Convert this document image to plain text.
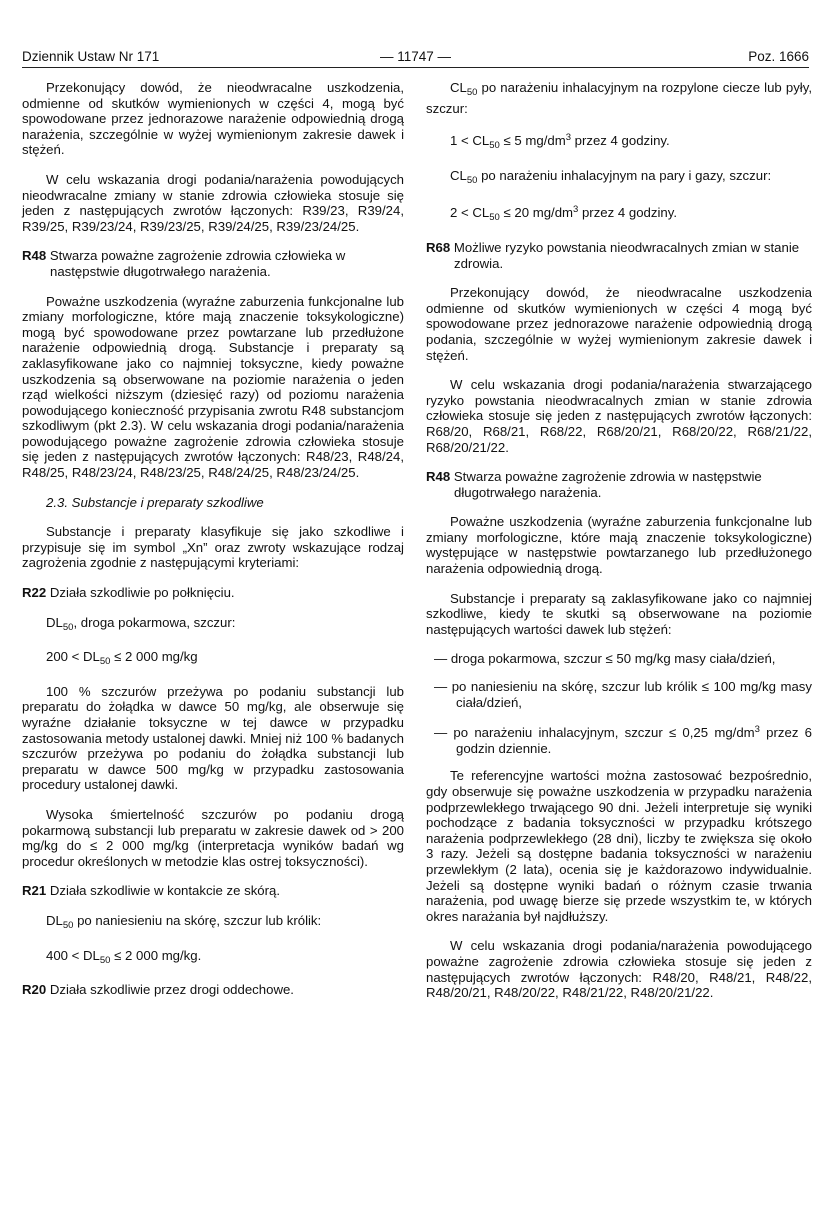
Dziennik Ustaw Nr 171	— 11747 —	Poz. 1666

Przekonujący dowód, że nieodwracalne uszkodzenia, odmienne od skutków wymienionych w części 4, mogą być spowodowane przez jednorazowe narażenie odpowiednią drogą narażenia, szczególnie w wyżej wymienionym zakresie dawek i stężeń.

W celu wskazania drogi podania/narażenia powodujących nieodwracalne zmiany w stanie zdrowia człowieka stosuje się jeden z następujących zwrotów łączonych: R39/23, R39/24, R39/25, R39/23/24, R39/23/25, R39/24/25, R39/23/24/25.

R48 Stwarza poważne zagrożenie zdrowia człowieka w następstwie długotrwałego narażenia.

Poważne uszkodzenia (wyraźne zaburzenia funkcjonalne lub zmiany morfologiczne, które mają znaczenie toksykologiczne) mogą być spowodowane przez powtarzane lub przedłużone narażenie odpowiednią drogą. Substancje i preparaty są zaklasyfikowane jako co najmniej toksyczne, kiedy poważne uszkodzenia są obserwowane na poziomie narażenia o jeden rząd wielkości niższym (dziesięć razy) od poziomu narażenia powodującego konieczność przypisania zwrotu R48 substancjom szkodliwym (pkt 2.3). W celu wskazania drogi podania/narażenia powodującego poważne zagrożenie zdrowia człowieka stosuje się jeden z następujących zwrotów łączonych: R48/23, R48/24, R48/25, R48/23/24, R48/23/25, R48/24/25, R48/23/24/25.

2.3. Substancje i preparaty szkodliwe

Substancje i preparaty klasyfikuje się jako szkodliwe i przypisuje się im symbol „Xn” oraz zwroty wskazujące rodzaj zagrożenia zgodnie z następującymi kryteriami:

R22 Działa szkodliwie po połknięciu.

$DL_{50}$, droga pokarmowa, szczur:

$200 < DL_{50} \le 2$ 000 mg/kg

100 % szczurów przeżywa po podaniu substancji lub preparatu do żołądka w dawce 50 mg/kg, ale obserwuje się wyraźne działanie toksyczne w tej dawce w przypadku zastosowania metody ustalonej dawki. Mniej niż 100 % badanych szczurów przeżywa po podaniu do żołądka substancji lub preparatu w dawce 500 mg/kg w przypadku zastosowania procedury ustalonej dawki.

Wysoka śmiertelność szczurów po podaniu drogą pokarmową substancji lub preparatu w zakresie dawek od > 200 mg/kg do ≤ 2 000 mg/kg (interpretacja wyników badań wg procedur określonych w metodzie klas ostrej toksyczności).

R21 Działa szkodliwie w kontakcie ze skórą.

$DL_{50}$ po naniesieniu na skórę, szczur lub królik:

$400 < DL_{50} \le 2$ 000 mg/kg.

R20 Działa szkodliwie przez drogi oddechowe.

$CL_{50}$ po narażeniu inhalacyjnym na rozpylone ciecze lub pyły, szczur:

$1 < CL_{50} \le 5$ $mg/dm^3$ przez 4 godziny.

$CL_{50}$ po narażeniu inhalacyjnym na pary i gazy, szczur:

$2 < CL_{50} \le 20$ $mg/dm^3$ przez 4 godziny.

R68 Możliwe ryzyko powstania nieodwracalnych zmian w stanie zdrowia.

Przekonujący dowód, że nieodwracalne uszkodzenia odmienne od skutków wymienionych w części 4 mogą być spowodowane przez jednorazowe narażenie odpowiednią drogą podania, szczególnie w wyżej wymienionym zakresie dawek i stężeń.

W celu wskazania drogi podania/narażenia stwarzającego ryzyko powstania nieodwracalnych zmian w stanie zdrowia człowieka stosuje się jeden z następujących zwrotów łączonych: R68/20, R68/21, R68/22, R68/20/21, R68/20/22, R68/21/22, R68/20/21/22.

R48 Stwarza poważne zagrożenie zdrowia w następstwie długotrwałego narażenia.

Poważne uszkodzenia (wyraźne zaburzenia funkcjonalne lub zmiany morfologiczne, które mają znaczenie toksykologiczne) występujące w następstwie powtarzanego lub przedłużonego narażenia odpowiednią drogą.

Substancje i preparaty są zaklasyfikowane jako co najmniej szkodliwe, kiedy te skutki są obserwowane na poziomie następujących wartości dawek lub stężeń:

— droga pokarmowa, szczur ≤ 50 mg/kg masy ciała/dzień,

— po naniesieniu na skórę, szczur lub królik ≤ 100 mg/kg masy ciała/dzień,

— po narażeniu inhalacyjnym, szczur ≤ 0,25 $mg/dm^3$ przez 6 godzin dziennie.

Te referencyjne wartości można zastosować bezpośrednio, gdy obserwuje się poważne uszkodzenia w przypadku narażenia podprzewlekłego trwającego 90 dni. Jeżeli interpretuje się wyniki pochodzące z badania toksyczności w przypadku krótszego narażenia podprzewlekłego (28 dni), liczby te zwiększa się około 3 razy. Jeżeli są dostępne badania toksyczności w narażeniu przewlekłym (2 lata), ocenia się je każdorazowo indywidualnie. Jeżeli są dostępne wyniki badań o różnym czasie trwania narażenia, pod uwagę bierze się przede wszystkim te, w których okres narażania był najdłuższy.

W celu wskazania drogi podania/narażenia powodującego poważne zagrożenie zdrowia człowieka stosuje się jeden z następujących zwrotów łączonych: R48/20, R48/21, R48/22, R48/20/21, R48/20/22, R48/21/22, R48/20/21/22.
